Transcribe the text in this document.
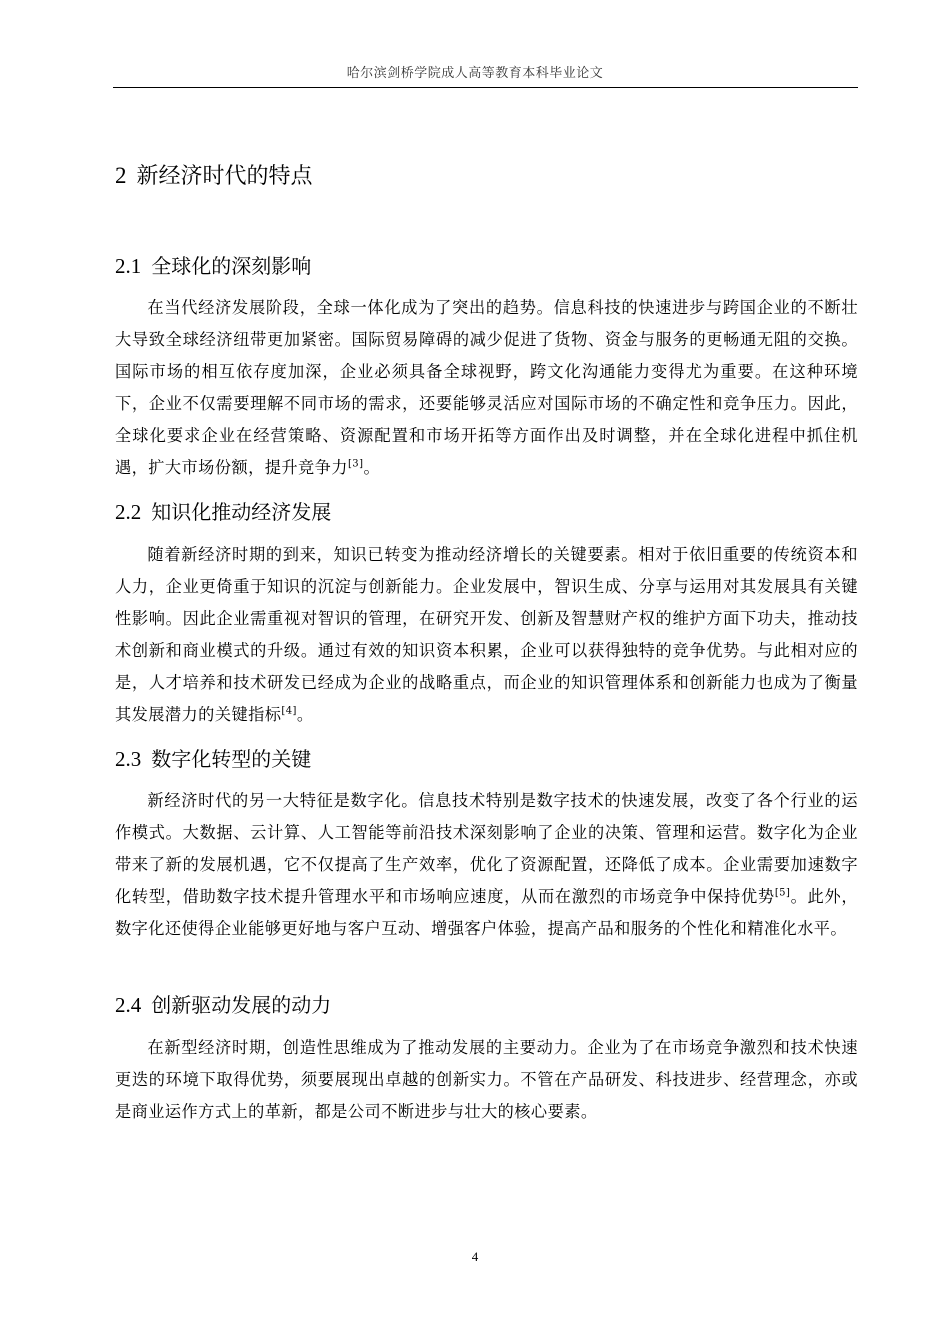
哈尔滨剑桥学院成人高等教育本科毕业论文
2 新经济时代的特点
2.1 全球化的深刻影响

在当代经济发展阶段，全球一体化成为了突出的趋势。信息科技的快速进步与跨国企业的不断壮大导致全球经济纽带更加紧密。国际贸易障碍的减少促进了货物、资金与服务的更畅通无阻的交换。国际市场的相互依存度加深，企业必须具备全球视野，跨文化沟通能力变得尤为重要。在这种环境下，企业不仅需要理解不同市场的需求，还要能够灵活应对国际市场的不确定性和竞争压力。因此，全球化要求企业在经营策略、资源配置和市场开拓等方面作出及时调整，并在全球化进程中抓住机遇，扩大市场份额，提升竞争力[3]。

2.2 知识化推动经济发展

随着新经济时期的到来，知识已转变为推动经济增长的关键要素。相对于依旧重要的传统资本和人力，企业更倚重于知识的沉淀与创新能力。企业发展中，智识生成、分享与运用对其发展具有关键性影响。因此企业需重视对智识的管理，在研究开发、创新及智慧财产权的维护方面下功夫，推动技术创新和商业模式的升级。通过有效的知识资本积累，企业可以获得独特的竞争优势。与此相对应的是，人才培养和技术研发已经成为企业的战略重点，而企业的知识管理体系和创新能力也成为了衡量其发展潜力的关键指标[4]。

2.3 数字化转型的关键

新经济时代的另一大特征是数字化。信息技术特别是数字技术的快速发展，改变了各个行业的运作模式。大数据、云计算、人工智能等前沿技术深刻影响了企业的决策、管理和运营。数字化为企业带来了新的发展机遇，它不仅提高了生产效率，优化了资源配置，还降低了成本。企业需要加速数字化转型，借助数字技术提升管理水平和市场响应速度，从而在激烈的市场竞争中保持优势[5]。此外，数字化还使得企业能够更好地与客户互动、增强客户体验，提高产品和服务的个性化和精准化水平。

2.4 创新驱动发展的动力

在新型经济时期，创造性思维成为了推动发展的主要动力。企业为了在市场竞争激烈和技术快速更迭的环境下取得优势，须要展现出卓越的创新实力。不管在产品研发、科技进步、经营理念，亦或是商业运作方式上的革新，都是公司不断进步与壮大的核心要素。

4
